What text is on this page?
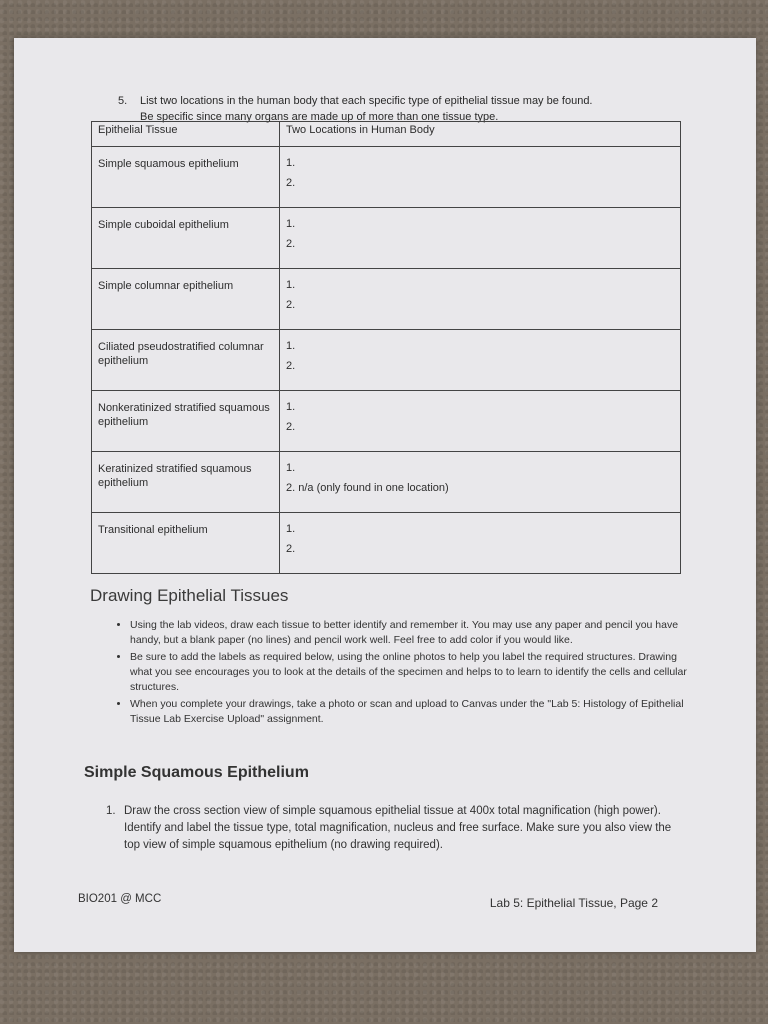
5. List two locations in the human body that each specific type of epithelial tissue may be found.
Be specific since many organs are made up of more than one tissue type.
Epithelial Tissue	Two Locations in Human Body
Simple squamous epithelium	1.
2.

Simple cuboidal epithelium	1.
2.

Simple columnar epithelium	1.
2.

Ciliated pseudostratified columnar epithelium	1.
2.

Nonkeratinized stratified squamous epithelium	1.
2.

Keratinized stratified squamous epithelium	1.
2. n/a (only found in one location)

Transitional epithelium	1.
2.
Drawing Epithelial Tissues
• Using the lab videos, draw each tissue to better identify and remember it. You may use any paper and pencil you have handy, but a blank paper (no lines) and pencil work well. Feel free to add color if you would like.
• Be sure to add the labels as required below, using the online photos to help you label the required structures. Drawing what you see encourages you to look at the details of the specimen and helps to to learn to identify the cells and cellular structures.
• When you complete your drawings, take a photo or scan and upload to Canvas under the "Lab 5: Histology of Epithelial Tissue Lab Exercise Upload" assignment.
Simple Squamous Epithelium
1. Draw the cross section view of simple squamous epithelial tissue at 400x total magnification (high power). Identify and label the tissue type, total magnification, nucleus and free surface. Make sure you also view the top view of simple squamous epithelium (no drawing required).
BIO201 @ MCC	Lab 5: Epithelial Tissue, Page 2
